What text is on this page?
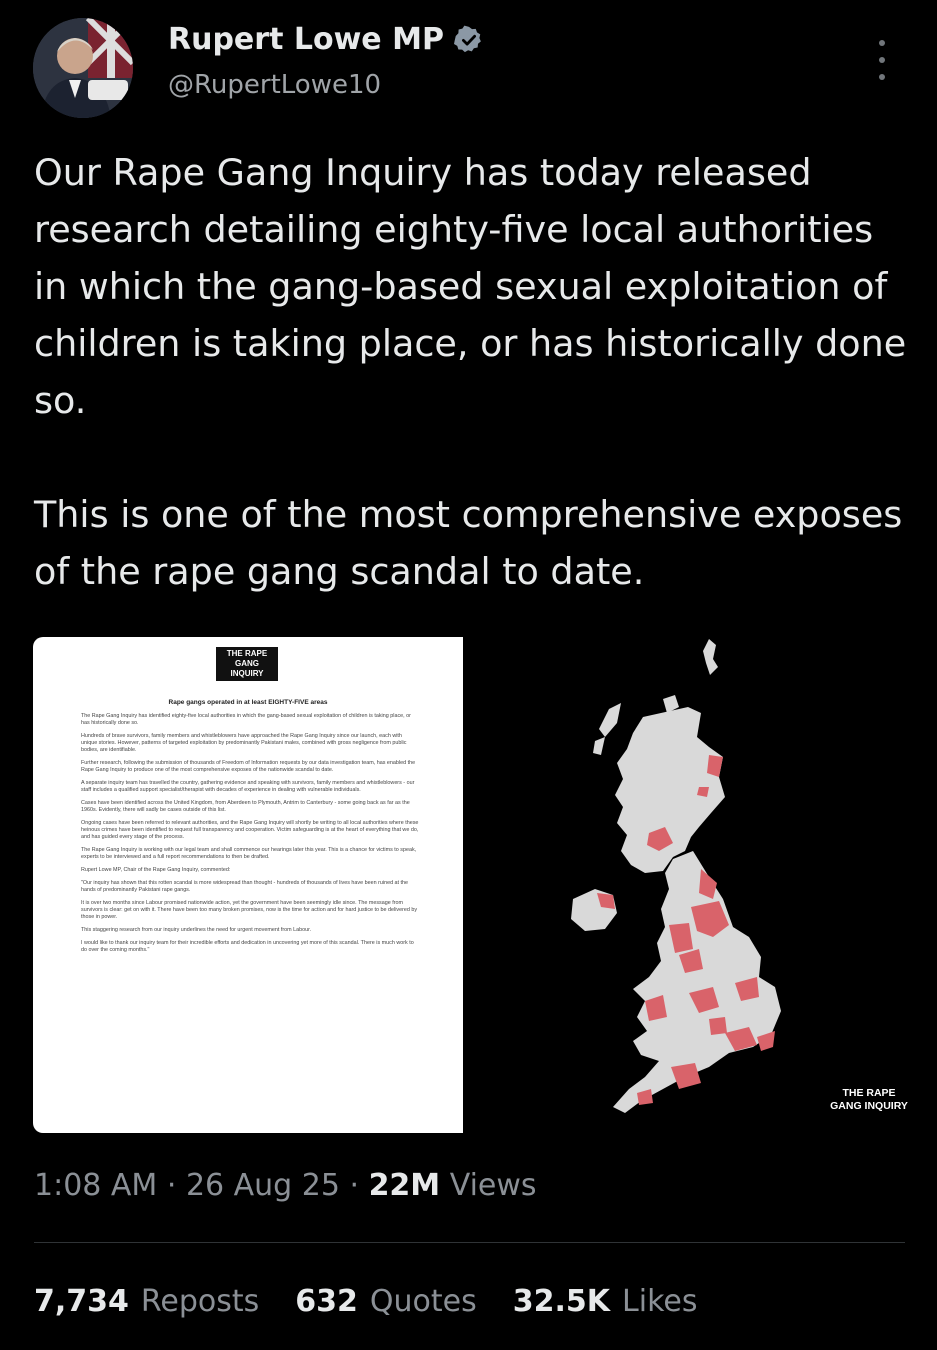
Rupert Lowe MP
@RupertLowe10
Our Rape Gang Inquiry has today released research detailing eighty-five local authorities in which the gang-based sexual exploitation of children is taking place, or has historically done so.

This is one of the most comprehensive exposes of the rape gang scandal to date.
THE RAPE GANG INQUIRY
Rape gangs operated in at least EIGHTY-FIVE areas
The Rape Gang Inquiry has identified eighty-five local authorities in which the gang-based sexual exploitation of children is taking place, or has historically done so.
Hundreds of brave survivors, family members and whistleblowers have approached the Rape Gang Inquiry since our launch, each with unique stories. However, patterns of targeted exploitation by predominantly Pakistani males, combined with gross negligence from public bodies, are identifiable.
Further research, following the submission of thousands of Freedom of Information requests by our data investigation team, has enabled the Rape Gang Inquiry to produce one of the most comprehensive exposes of the nationwide scandal to date.
A separate inquiry team has travelled the country, gathering evidence and speaking with survivors, family members and whistleblowers - our staff includes a qualified support specialist/therapist with decades of experience in dealing with vulnerable individuals.
Cases have been identified across the United Kingdom, from Aberdeen to Plymouth, Antrim to Canterbury - some going back as far as the 1960s. Evidently, there will sadly be cases outside of this list.
Ongoing cases have been referred to relevant authorities, and the Rape Gang Inquiry will shortly be writing to all local authorities where these heinous crimes have been identified to request full transparency and cooperation. Victim safeguarding is at the heart of everything that we do, and has guided every stage of the process.
The Rape Gang Inquiry is working with our legal team and shall commence our hearings later this year. This is a chance for victims to speak, experts to be interviewed and a full report recommendations to then be drafted.
Rupert Lowe MP, Chair of the Rape Gang Inquiry, commented:
"Our inquiry has shown that this rotten scandal is more widespread than thought - hundreds of thousands of lives have been ruined at the hands of predominantly Pakistani rape gangs.
It is over two months since Labour promised nationwide action, yet the government have been seemingly idle since. The message from survivors is clear: get on with it. There have been too many broken promises, now is the time for action and for hard justice to be delivered by those in power.
This staggering research from our inquiry underlines the need for urgent movement from Labour.
I would like to thank our inquiry team for their incredible efforts and dedication in uncovering yet more of this scandal. There is much work to do over the coming months."
THE RAPE GANG INQUIRY
1:08 AM · 26 Aug 25 · 22M Views
7,734 Reposts 632 Quotes 32.5K Likes
